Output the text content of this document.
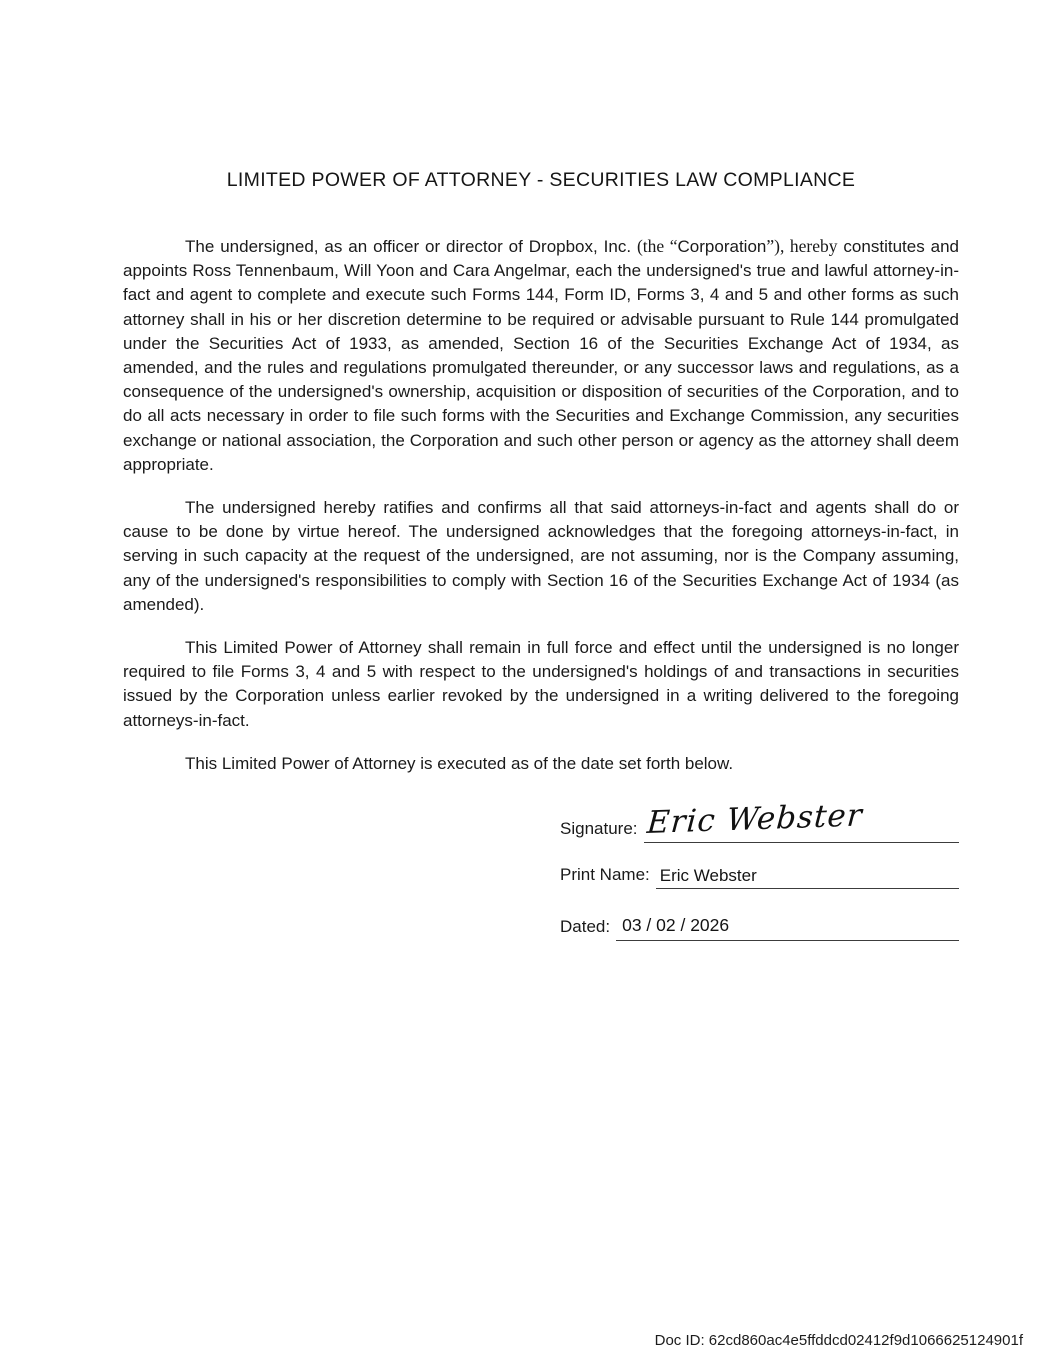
LIMITED POWER OF ATTORNEY - SECURITIES LAW COMPLIANCE

The undersigned, as an officer or director of Dropbox, Inc. (the “Corporation”), hereby constitutes and appoints Ross Tennenbaum, Will Yoon and Cara Angelmar, each the undersigned's true and lawful attorney-in-fact and agent to complete and execute such Forms 144, Form ID, Forms 3, 4 and 5 and other forms as such attorney shall in his or her discretion determine to be required or advisable pursuant to Rule 144 promulgated under the Securities Act of 1933, as amended, Section 16 of the Securities Exchange Act of 1934, as amended, and the rules and regulations promulgated thereunder, or any successor laws and regulations, as a consequence of the undersigned's ownership, acquisition or disposition of securities of the Corporation, and to do all acts necessary in order to file such forms with the Securities and Exchange Commission, any securities exchange or national association, the Corporation and such other person or agency as the attorney shall deem appropriate.

The undersigned hereby ratifies and confirms all that said attorneys-in-fact and agents shall do or cause to be done by virtue hereof. The undersigned acknowledges that the foregoing attorneys-in-fact, in serving in such capacity at the request of the undersigned, are not assuming, nor is the Company assuming, any of the undersigned's responsibilities to comply with Section 16 of the Securities Exchange Act of 1934 (as amended).

This Limited Power of Attorney shall remain in full force and effect until the undersigned is no longer required to file Forms 3, 4 and 5 with respect to the undersigned's holdings of and transactions in securities issued by the Corporation unless earlier revoked by the undersigned in a writing delivered to the foregoing attorneys-in-fact.

This Limited Power of Attorney is executed as of the date set forth below.

Signature: Eric Webster
Print Name: Eric Webster
Dated: 03 / 02 / 2026
Doc ID: 62cd860ac4e5ffddcd02412f9d1066625124901f
